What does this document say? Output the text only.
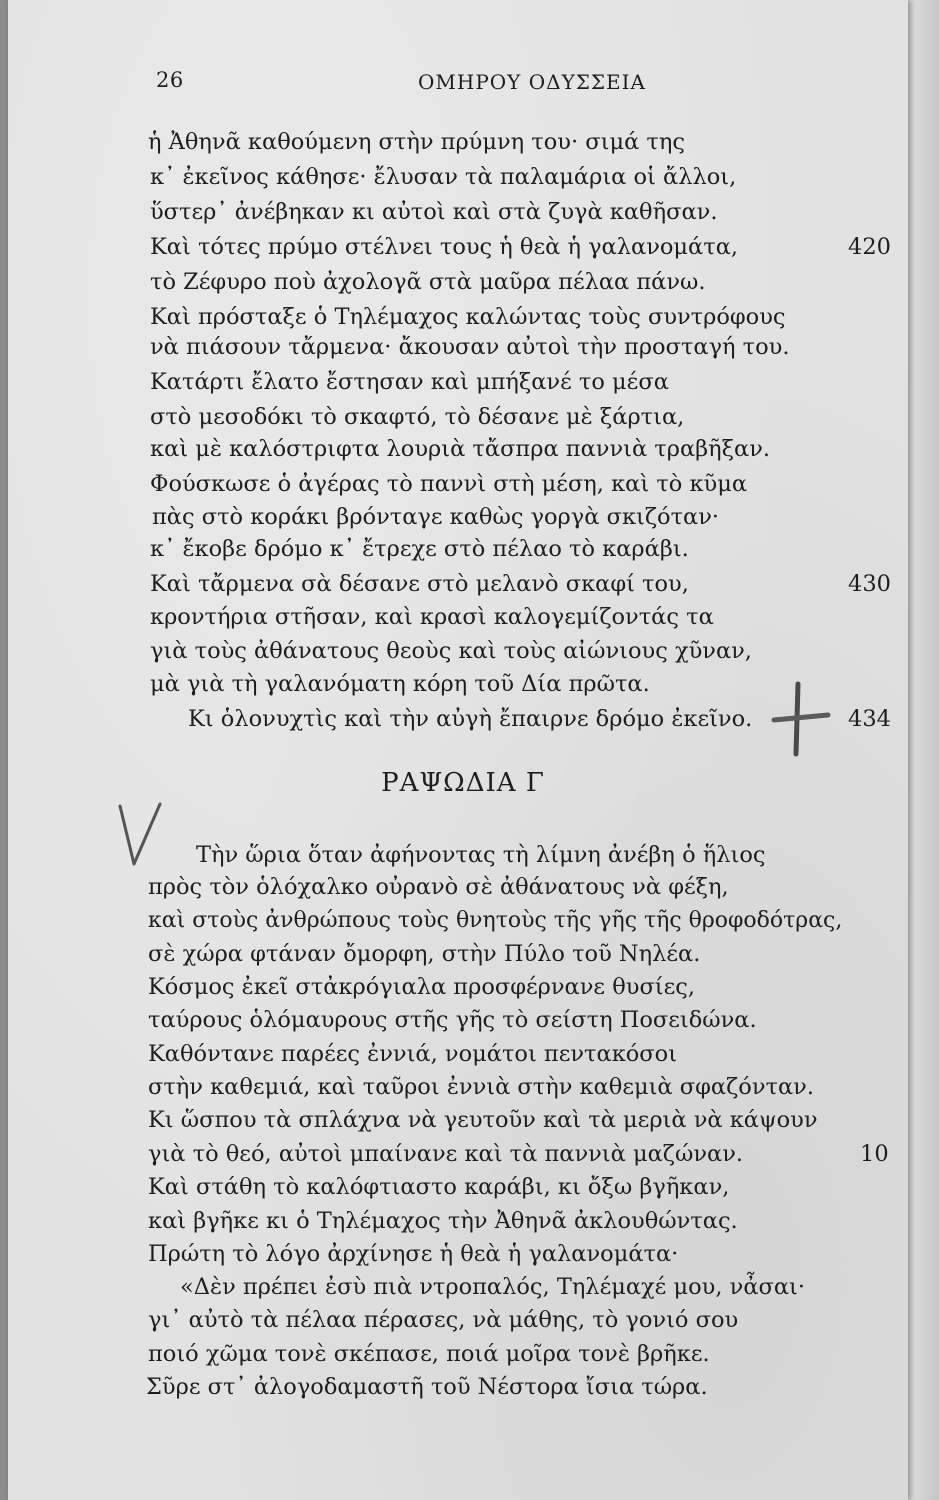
26	ΟΜΗΡΟΥ ΟΔΥΣΣΕΙΑ
ἡ Ἀθηνᾶ καθούμενη στὴν πρύμνη του· σιμά της
κ᾽ ἐκεῖνος κάθησε· ἔλυσαν τὰ παλαμάρια οἱ ἄλλοι,
ὕστερ᾽ ἀνέβηκαν κι αὐτοὶ καὶ στὰ ζυγὰ καθῆσαν.
Καὶ τότες πρύμο στέλνει τους ἡ θεὰ ἡ γαλανομάτα,
τὸ Ζέφυρο ποὺ ἀχολογᾶ στὰ μαῦρα πέλαα πάνω.
Καὶ πρόσταξε ὁ Τηλέμαχος καλώντας τοὺς συντρόφους
νὰ πιάσουν τἄρμενα· ἄκουσαν αὐτοὶ τὴν προσταγή του.
Κατάρτι ἔλατο ἔστησαν καὶ μπήξανέ το μέσα
στὸ μεσοδόκι τὸ σκαφτό, τὸ δέσανε μὲ ξάρτια,
καὶ μὲ καλόστριφτα λουριὰ τἄσπρα παννιὰ τραβῆξαν.
Φούσκωσε ὁ ἀγέρας τὸ παννὶ στὴ μέση, καὶ τὸ κῦμα
πὰς στὸ κοράκι βρόνταγε καθὼς γοργὰ σκιζόταν·
κ᾽ ἔκοβε δρόμο κ᾽ ἔτρεχε στὸ πέλαο τὸ καράβι.
Καὶ τἄρμενα σὰ δέσανε στὸ μελανὸ σκαφί του,
κροντήρια στῆσαν, καὶ κρασὶ καλογεμίζοντάς τα
γιὰ τοὺς ἀθάνατους θεοὺς καὶ τοὺς αἰώνιους χῦναν,
μὰ γιὰ τὴ γαλανόματη κόρη τοῦ Δία πρῶτα.
Κι ὁλονυχτὶς καὶ τὴν αὐγὴ ἔπαιρνε δρόμο ἐκεῖνο.
420
430
434
ΡΑΨΩΔΙΑ Γ
Τὴν ὥρια ὅταν ἀφήνοντας τὴ λίμνη ἀνέβη ὁ ἥλιος
πρὸς τὸν ὁλόχαλκο οὐρανὸ σὲ ἀθάνατους νὰ φέξη,
καὶ στοὺς ἀνθρώπους τοὺς θνητοὺς τῆς γῆς τῆς θροφοδότρας,
σὲ χώρα φτάναν ὄμορφη, στὴν Πύλο τοῦ Νηλέα.
Κόσμος ἐκεῖ στἀκρόγιαλα προσφέρνανε θυσίες,
ταύρους ὁλόμαυρους στῆς γῆς τὸ σείστη Ποσειδώνα.
Καθόντανε παρέες ἐννιά, νομάτοι πεντακόσοι
στὴν καθεμιά, καὶ ταῦροι ἐννιὰ στὴν καθεμιὰ σφαζόνταν.
Κι ὥσπου τὰ σπλάχνα νὰ γευτοῦν καὶ τὰ μεριὰ νὰ κάψουν
γιὰ τὸ θεό, αὐτοὶ μπαίνανε καὶ τὰ παννιὰ μαζώναν.
Καὶ στάθη τὸ καλόφτιαστο καράβι, κι ὄξω βγῆκαν,
καὶ βγῆκε κι ὁ Τηλέμαχος τὴν Ἀθηνᾶ ἀκλουθώντας.
Πρώτη τὸ λόγο ἀρχίνησε ἡ θεὰ ἡ γαλανομάτα·
«Δὲν πρέπει ἐσὺ πιὰ ντροπαλός, Τηλέμαχέ μου, νἆσαι·
γι᾽ αὐτὸ τὰ πέλαα πέρασες, νὰ μάθης, τὸ γονιό σου
ποιό χῶμα τονὲ σκέπασε, ποιά μοῖρα τονὲ βρῆκε.
Σῦρε στ᾽ ἀλογοδαμαστῆ τοῦ Νέστορα ἴσια τώρα.
10
